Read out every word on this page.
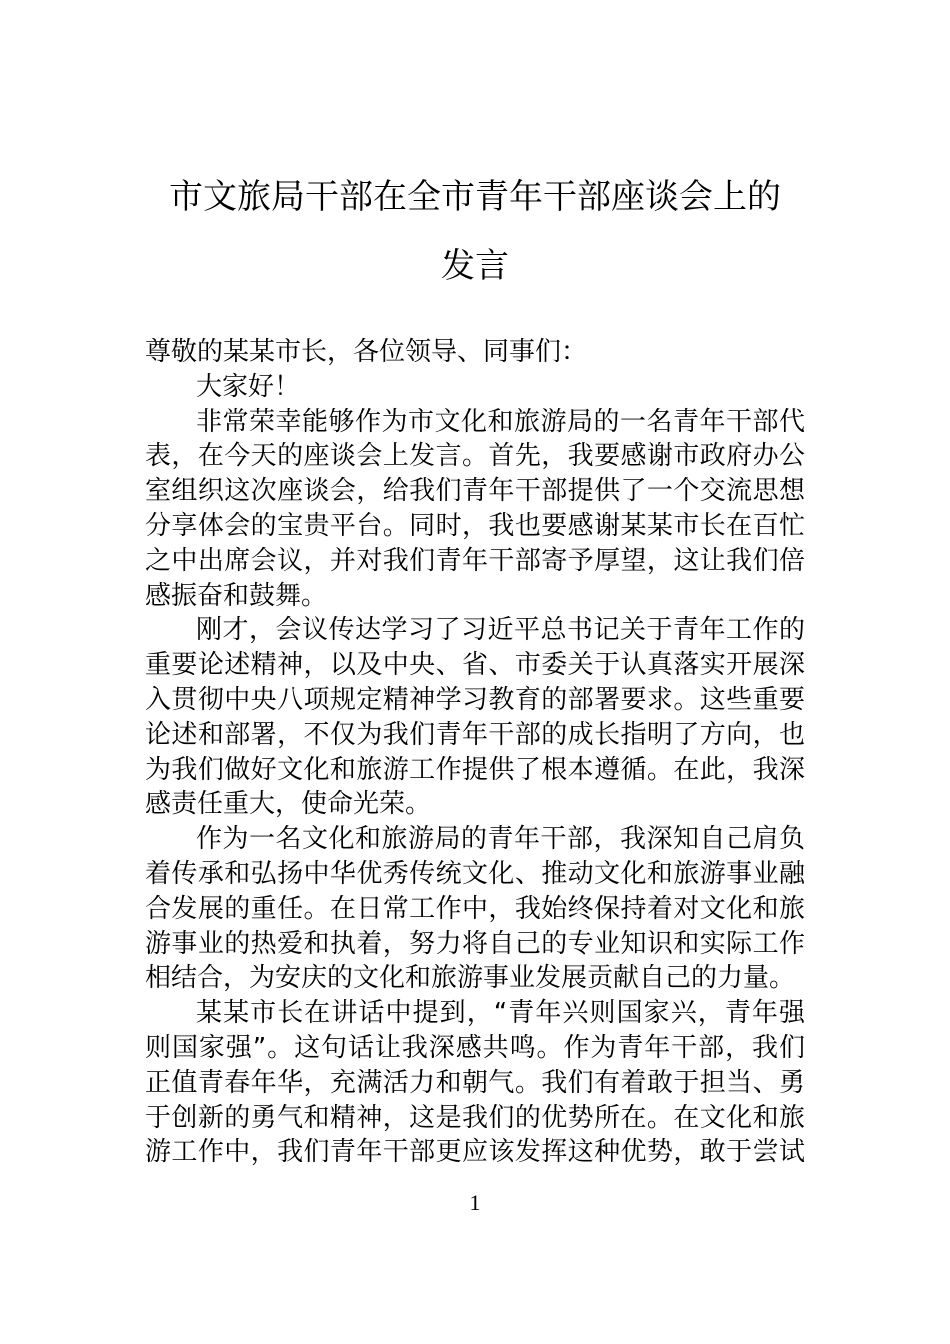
市文旅局干部在全市青年干部座谈会上的
发言
尊敬的某某市长，各位领导、同事们：
大家好！
非常荣幸能够作为市文化和旅游局的一名青年干部代
表，在今天的座谈会上发言。首先，我要感谢市政府办公
室组织这次座谈会，给我们青年干部提供了一个交流思想
分享体会的宝贵平台。同时，我也要感谢某某市长在百忙
之中出席会议，并对我们青年干部寄予厚望，这让我们倍
感振奋和鼓舞。
刚才，会议传达学习了习近平总书记关于青年工作的
重要论述精神，以及中央、省、市委关于认真落实开展深
入贯彻中央八项规定精神学习教育的部署要求。这些重要
论述和部署，不仅为我们青年干部的成长指明了方向，也
为我们做好文化和旅游工作提供了根本遵循。在此，我深
感责任重大，使命光荣。
作为一名文化和旅游局的青年干部，我深知自己肩负
着传承和弘扬中华优秀传统文化、推动文化和旅游事业融
合发展的重任。在日常工作中，我始终保持着对文化和旅
游事业的热爱和执着，努力将自己的专业知识和实际工作
相结合，为安庆的文化和旅游事业发展贡献自己的力量。
某某市长在讲话中提到，“青年兴则国家兴，青年强
则国家强”。这句话让我深感共鸣。作为青年干部，我们
正值青春年华，充满活力和朝气。我们有着敢于担当、勇
于创新的勇气和精神，这是我们的优势所在。在文化和旅
游工作中，我们青年干部更应该发挥这种优势，敢于尝试
1
